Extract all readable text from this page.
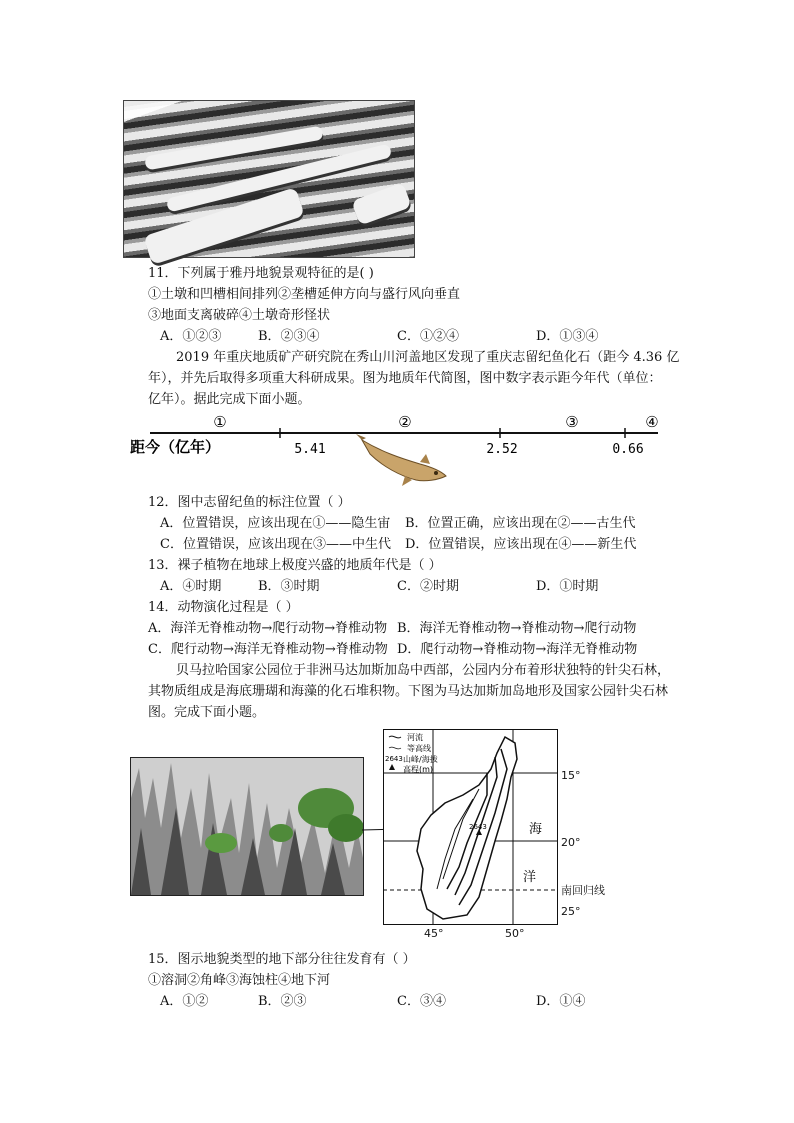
11．下列属于雅丹地貌景观特征的是( )
①土墩和凹槽相间排列②垄槽延伸方向与盛行风向垂直
③地面支离破碎④土墩奇形怪状
A．①②③	B．②③④	C．①②④	D．①③④
2019 年重庆地质矿产研究院在秀山川河盖地区发现了重庆志留纪鱼化石（距今 4.36 亿
年），并先后取得多项重大科研成果。图为地质年代简图，图中数字表示距今年代（单位：
亿年）。据此完成下面小题。
①	②	③	④
距今（亿年）	5.41	2.52	0.66
12．图中志留纪鱼的标注位置（ ）
A．位置错误，应该出现在①——隐生宙 B．位置正确，应该出现在②——古生代
C．位置错误，应该出现在③——中生代 D．位置错误，应该出现在④——新生代
13．裸子植物在地球上极度兴盛的地质年代是（ ）
A．④时期	B．③时期	C．②时期	D．①时期
14．动物演化过程是（ ）
A．海洋无脊椎动物→爬行动物→脊椎动物 B．海洋无脊椎动物→脊椎动物→爬行动物
C．爬行动物→海洋无脊椎动物→脊椎动物 D．爬行动物→脊椎动物→海洋无脊椎动物
贝马拉哈国家公园位于非洲马达加斯加岛中西部，公园内分布着形状独特的针尖石林，
其物质组成是海底珊瑚和海藻的化石堆积物。下图为马达加斯加岛地形及国家公园针尖石林
图。完成下面小题。
2643
河流
等高线
2643 山峰/海拔
高程(m)
海
洋
15°
20°
南回归线
25°
45°	50°
15．图示地貌类型的地下部分往往发育有（ ）
①溶洞②角峰③海蚀柱④地下河
A．①②	B．②③	C．③④	D．①④
